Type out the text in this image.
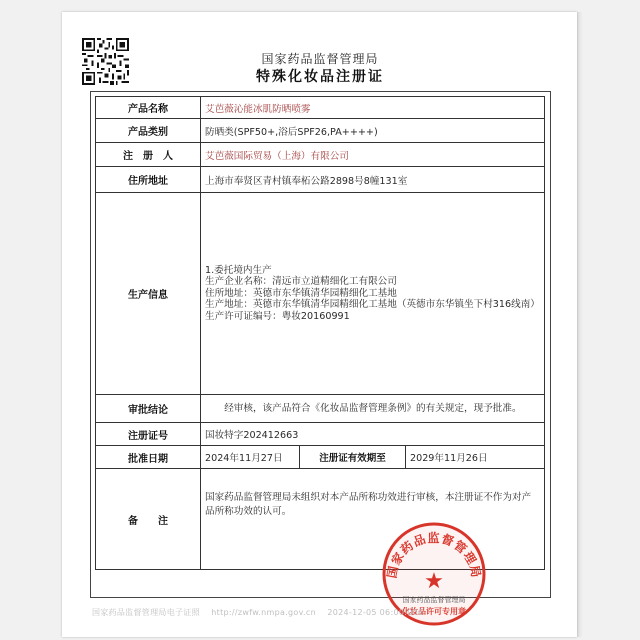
国家药品监督管理局
特殊化妆品注册证
产品名称	艾芭薇沁能冰肌防晒喷雾		
产品类别	防晒类(SPF50+,浴后SPF26,PA++++)		
注　册　人	艾芭薇国际贸易（上海）有限公司		
住所地址	上海市奉贤区青村镇奉柘公路2898号8幢131室		
生产信息	1.委托境内生产
生产企业名称：清远市立道精细化工有限公司
住所地址：英德市东华镇清华园精细化工基地
生产地址：英德市东华镇清华园精细化工基地（英德市东华镇坐下村316线南）
生产许可证编号：粤妆20160991		

审批结论	经审核，该产品符合《化妆品监督管理条例》的有关规定，现予批准。		
注册证号	国妆特字202412663		
批准日期	2024年11月27日	注册证有效期至	2029年11月26日
备　　注	国家药品监督管理局未组织对本产品所称功效进行审核，本注册证不作为对产品所称功效的认可。		
国家药品监督管理局
★
国家药品监督管理局
化妆品许可专用章
国家药品监督管理局电子证照 http://zwfw.nmpa.gov.cn 2024-12-05 06:00:006
